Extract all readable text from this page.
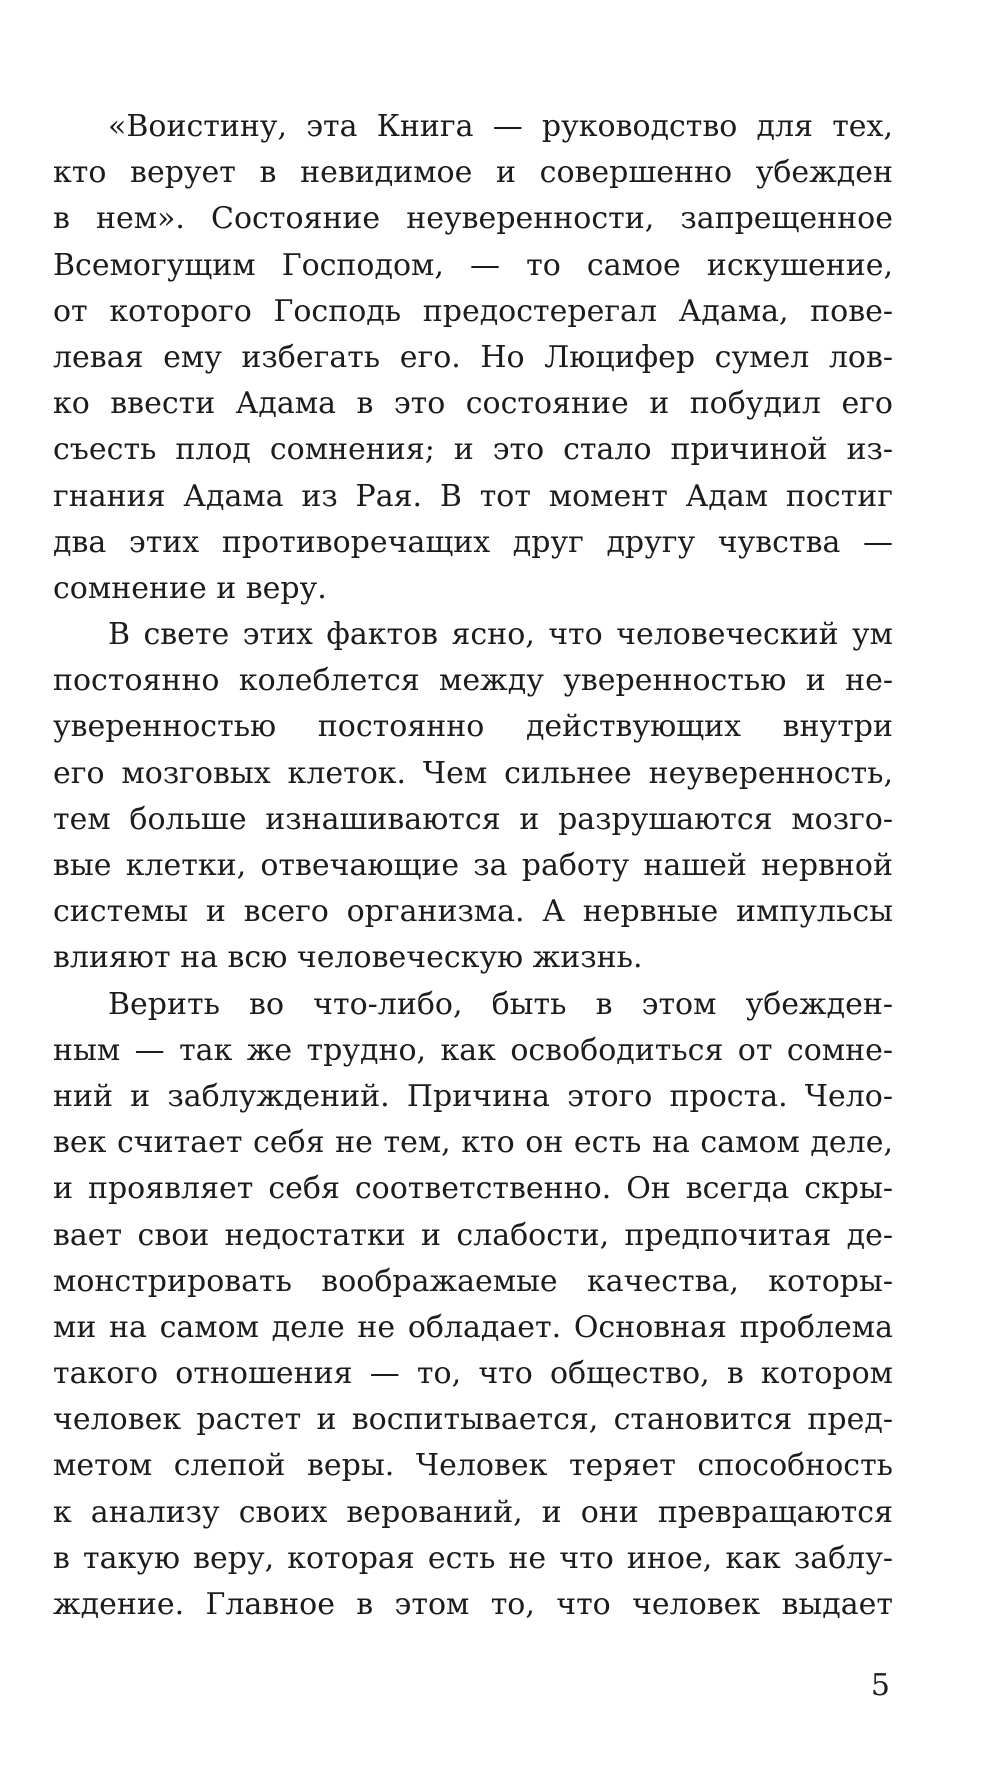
«Воистину, эта Книга — руководство для тех,
кто верует в невидимое и совершенно убежден
в нем». Состояние неуверенности, запрещенное
Всемогущим Господом, — то самое искушение,
от которого Господь предостерегал Адама, пове-
левая ему избегать его. Но Люцифер сумел лов-
ко ввести Адама в это состояние и побудил его
съесть плод сомнения; и это стало причиной из-
гнания Адама из Рая. В тот момент Адам постиг
два этих противоречащих друг другу чувства —
сомнение и веру.
В свете этих фактов ясно, что человеческий ум
постоянно колеблется между уверенностью и не-
уверенностью постоянно действующих внутри
его мозговых клеток. Чем сильнее неуверенность,
тем больше изнашиваются и разрушаются мозго-
вые клетки, отвечающие за работу нашей нервной
системы и всего организма. А нервные импульсы
влияют на всю человеческую жизнь.
Верить во что-либо, быть в этом убежден-
ным — так же трудно, как освободиться от сомне-
ний и заблуждений. Причина этого проста. Чело-
век считает себя не тем, кто он есть на самом деле,
и проявляет себя соответственно. Он всегда скры-
вает свои недостатки и слабости, предпочитая де-
монстрировать воображаемые качества, которы-
ми на самом деле не обладает. Основная проблема
такого отношения — то, что общество, в котором
человек растет и воспитывается, становится пред-
метом слепой веры. Человек теряет способность
к анализу своих верований, и они превращаются
в такую веру, которая есть не что иное, как заблу-
ждение. Главное в этом то, что человек выдает
5
